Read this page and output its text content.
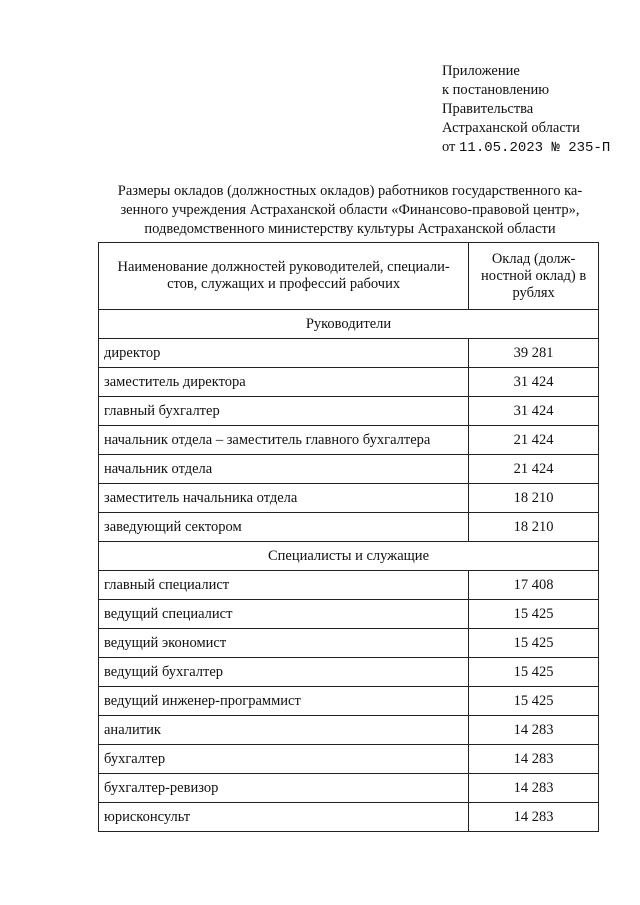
Приложение
к постановлению
Правительства
Астраханской области
от 11.05.2023 № 235-П
Размеры окладов (должностных окладов) работников государственного ка-
зенного учреждения Астраханской области «Финансово-правовой центр»,
подведомственного министерству культуры Астраханской области
Наименование должностей руководителей, специали-
стов, служащих и профессий рабочих	Оклад (долж-
ностной оклад) в
рублях

Руководители	
директор	39 281
заместитель директора	31 424
главный бухгалтер	31 424
начальник отдела – заместитель главного бухгалтера	21 424
начальник отдела	21 424
заместитель начальника отдела	18 210
заведующий сектором	18 210
Специалисты и служащие	
главный специалист	17 408
ведущий специалист	15 425
ведущий экономист	15 425
ведущий бухгалтер	15 425
ведущий инженер-программист	15 425
аналитик	14 283
бухгалтер	14 283
бухгалтер-ревизор	14 283
юрисконсульт	14 283
